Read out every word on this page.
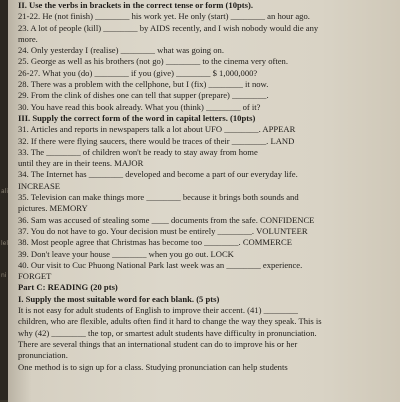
ali
lel
ni
II. Use the verbs in brackets in the correct tense or form (10pts).
21-22. He (not finish) ________ his work yet. He only (start) ________ an hour ago.
23. A lot of people (kill) ________ by AIDS recently, and I wish nobody would die any
more.
24. Only yesterday I (realise) ________ what was going on.
25. George as well as his brothers (not go) ________ to the cinema very often.
26-27. What you (do) ________ if you (give) ________ $ 1,000,000?
28. There was a problem with the cellphone, but I (fix) ________ it now.
29. From the clink of dishes one can tell that supper (prepare) ________.
30. You have read this book already. What you (think) ________ of it?
III. Supply the correct form of the word in capital letters. (10pts)
31. Articles and reports in newspapers talk a lot about UFO ________. APPEAR
32. If there were flying saucers, there would be traces of their ________. LAND
33. The ________ of children won't be ready to stay away from home
until they are in their teens. MAJOR
34. The Internet has ________ developed and become a part of our everyday life.
INCREASE
35. Television can make things more ________ because it brings both sounds and
pictures. MEMORY
36. Sam was accused of stealing some ____ documents from the safe. CONFIDENCE
37. You do not have to go. Your decision must be entirely ________. VOLUNTEER
38. Most people agree that Christmas has become too ________. COMMERCE
39. Don't leave your house ________ when you go out. LOCK
40. Our visit to Cuc Phuong National Park last week was an ________ experience.
FORGET
Part C: READING (20 pts)
I. Supply the most suitable word for each blank. (5 pts)
It is not easy for adult students of English to improve their accent. (41) ________
children, who are flexible, adults often find it hard to change the way they speak. This is
why (42) ________ the top, or smartest adult students have difficulty in pronunciation.
There are several things that an international student can do to improve his or her
pronunciation.
One method is to sign up for a class. Studying pronunciation can help students
